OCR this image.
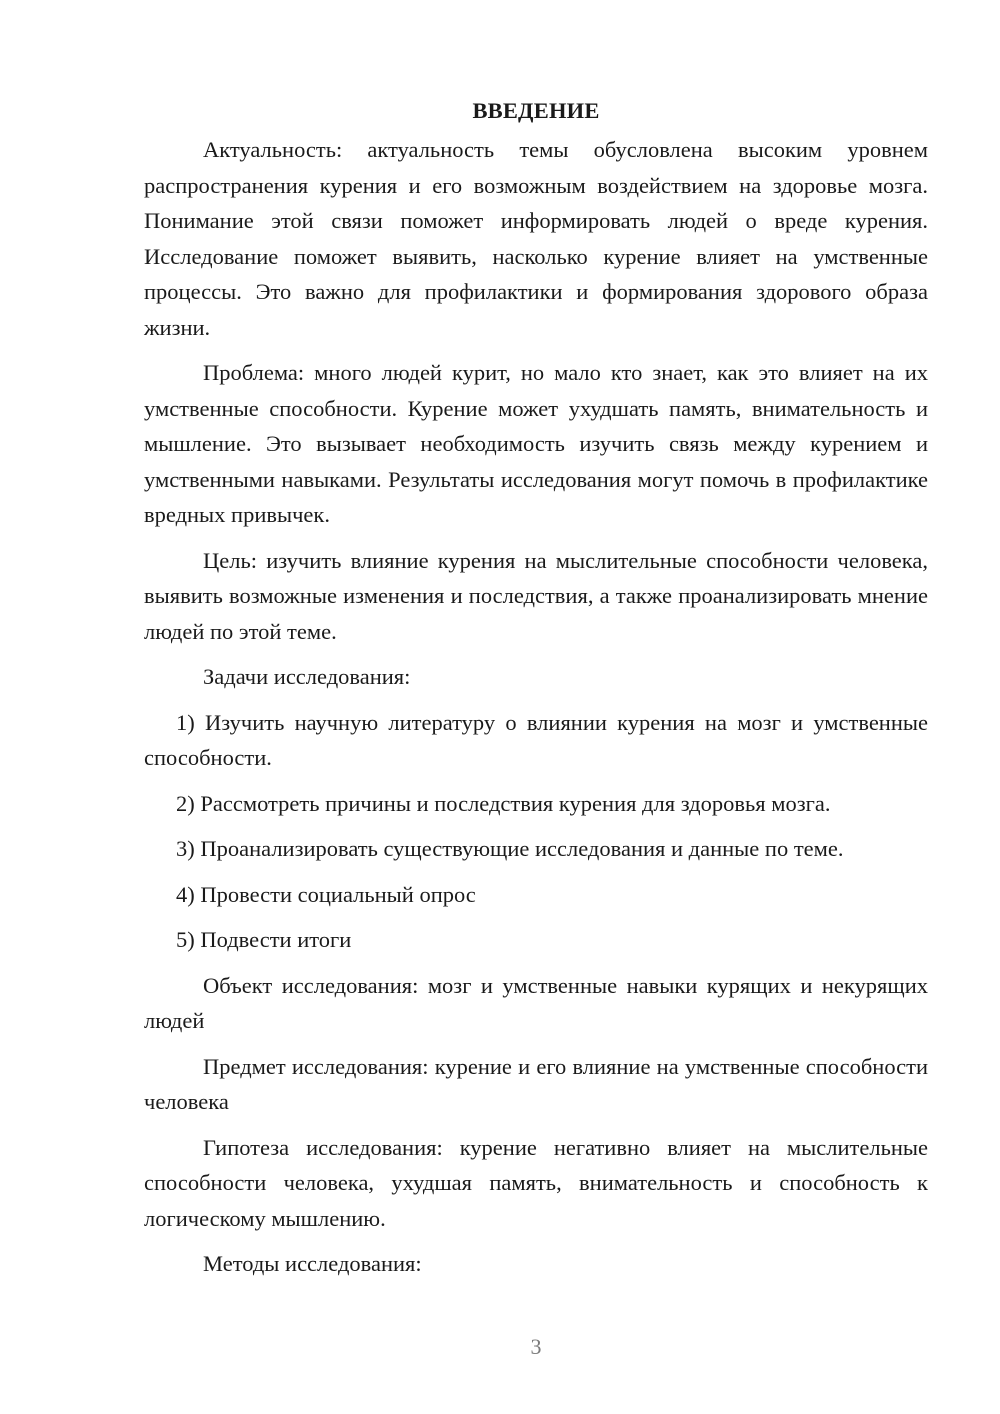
ВВЕДЕНИЕ

Актуальность: актуальность темы обусловлена высоким уровнем распространения курения и его возможным воздействием на здоровье мозга. Понимание этой связи поможет информировать людей о вреде курения. Исследование поможет выявить, насколько курение влияет на умственные процессы. Это важно для профилактики и формирования здорового образа жизни.

Проблема: много людей курит, но мало кто знает, как это влияет на их умственные способности. Курение может ухудшать память, внимательность и мышление. Это вызывает необходимость изучить связь между курением и умственными навыками. Результаты исследования могут помочь в профилактике вредных привычек.

Цель: изучить влияние курения на мыслительные способности человека, выявить возможные изменения и последствия, а также проанализировать мнение людей по этой теме.

Задачи исследования:

1) Изучить научную литературу о влиянии курения на мозг и умственные способности.

2) Рассмотреть причины и последствия курения для здоровья мозга.

3) Проанализировать существующие исследования и данные по теме.

4) Провести социальный опрос

5) Подвести итоги

Объект исследования: мозг и умственные навыки курящих и некурящих людей

Предмет исследования: курение и его влияние на умственные способности человека

Гипотеза исследования: курение негативно влияет на мыслительные способности человека, ухудшая память, внимательность и способность к логическому мышлению.

Методы исследования:

3
